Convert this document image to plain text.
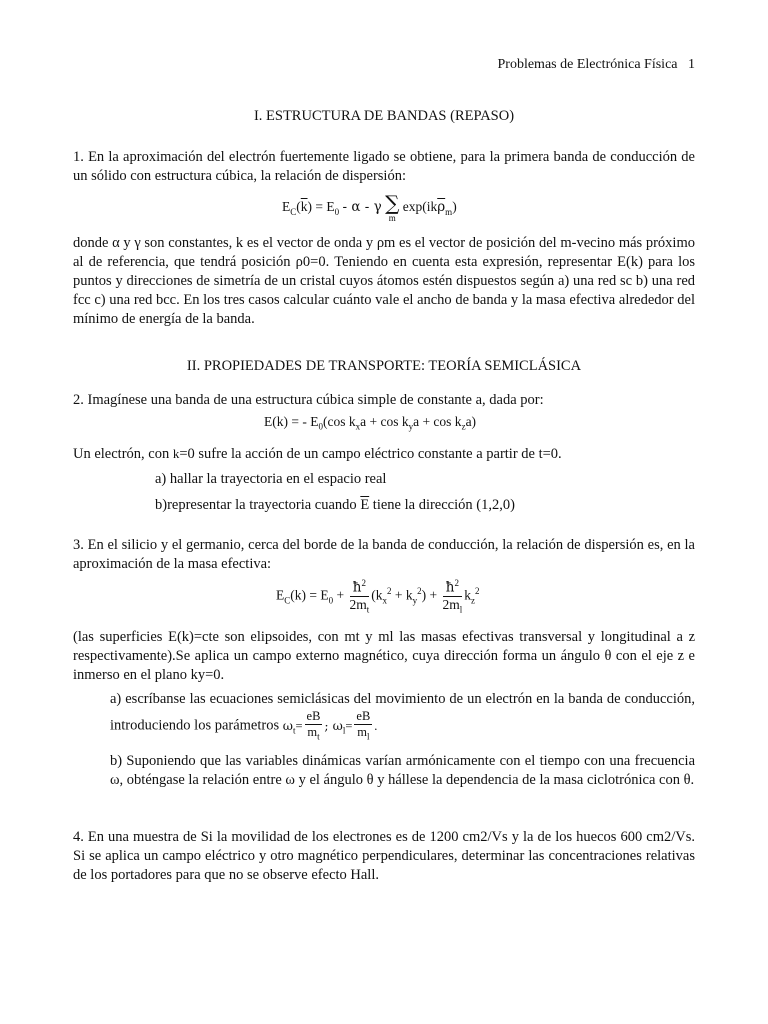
Problemas de Electrónica Física 1
I. ESTRUCTURA DE BANDAS (REPASO)
1. En la aproximación del electrón fuertemente ligado se obtiene, para la primera banda de conducción de un sólido con estructura cúbica, la relación de dispersión:
$E_C(\overline{k}) = E_0 - \alpha - \gamma$ ∑
m
$\exp(ik\overline{\rho}_m)$
donde α y γ son constantes, k es el vector de onda y ρm es el vector de posición del m-vecino más próximo al de referencia, que tendrá posición ρ0=0. Teniendo en cuenta esta expresión, representar E(k) para los puntos y direcciones de simetría de un cristal cuyos átomos estén dispuestos según a) una red sc b) una red fcc c) una red bcc. En los tres casos calcular cuánto vale el ancho de banda y la masa efectiva alrededor del mínimo de energía de la banda.
II. PROPIEDADES DE TRANSPORTE: TEORÍA SEMICLÁSICA
2. Imagínese una banda de una estructura cúbica simple de constante a, dada por:
E(k) = - $E_0(\cos$ $k_xa + \cos k_ya + \cos k_za$)
Un electrón, con k=0 sufre la acción de un campo eléctrico constante a partir de t=0.
a) hallar la trayectoria en el espacio real
b)representar la trayectoria cuando $\overline{E}$ tiene la dirección (1,2,0)
3. En el silicio y el germanio, cerca del borde de la banda de conducción, la relación de dispersión es, en la aproximación de la masa efectiva:
$E_C(k) = E_0 + \frac{ħ^2}{2m_t} (k_x^2 + k_y^2) + \frac{ħ^2}{2m_l} k_z^2$
(las superficies E(k)=cte son elipsoides, con mt y ml las masas efectivas transversal y longitudinal a z respectivamente).Se aplica un campo externo magnético, cuya dirección forma un ángulo θ con el eje z e inmerso en el plano ky=0.
a) escríbanse las ecuaciones semiclásicas del movimiento de un electrón en la banda de conducción, introduciendo los parámetros $\omega_t= \frac{eB}{m_t}$ ; $\omega_l= \frac{eB}{m_l}$ .
b) Suponiendo que las variables dinámicas varían armónicamente con el tiempo con una frecuencia ω, obténgase la relación entre ω y el ángulo θ y hállese la dependencia de la masa ciclotrónica con θ.
4. En una muestra de Si la movilidad de los electrones es de 1200 cm2/Vs y la de los huecos 600 cm2/Vs. Si se aplica un campo eléctrico y otro magnético perpendiculares, determinar las concentraciones relativas de los portadores para que no se observe efecto Hall.
